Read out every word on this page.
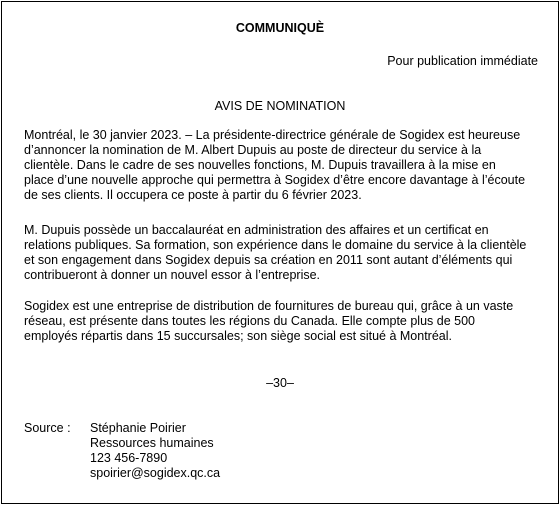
COMMUNIQUÈ
Pour publication immédiate
AVIS DE NOMINATION
Montréal, le 30 janvier 2023. – La présidente-directrice générale de Sogidex est heureuse d’annoncer la nomination de M. Albert Dupuis au poste de directeur du service à la clientèle. Dans le cadre de ses nouvelles fonctions, M. Dupuis travaillera à la mise en place d’une nouvelle approche qui permettra à Sogidex d’être encore davantage à l’écoute de ses clients. Il occupera ce poste à partir du 6 février 2023.
M. Dupuis possède un baccalauréat en administration des affaires et un certificat en relations publiques. Sa formation, son expérience dans le domaine du service à la clientèle et son engagement dans Sogidex depuis sa création en 2011 sont autant d’éléments qui contribueront à donner un nouvel essor à l’entreprise.
Sogidex est une entreprise de distribution de fournitures de bureau qui, grâce à un vaste réseau, est présente dans toutes les régions du Canada. Elle compte plus de 500 employés répartis dans 15 succursales; son siège social est situé à Montréal.
–30–
Source :	Stéphanie Poirier
Ressources humaines
123 456-7890
spoirier@sogidex.qc.ca
